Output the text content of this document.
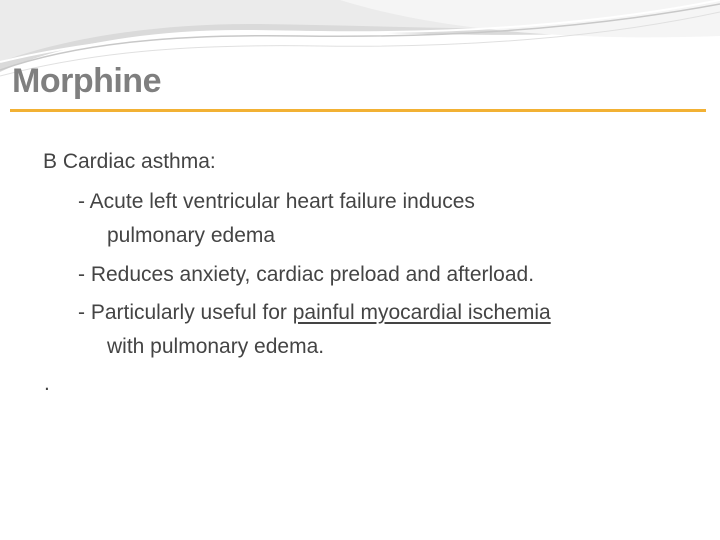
Morphine
B Cardiac asthma:
- Acute left ventricular heart failure induces
pulmonary edema
- Reduces anxiety, cardiac preload and afterload.
- Particularly useful for painful myocardial ischemia
with pulmonary edema.
.
